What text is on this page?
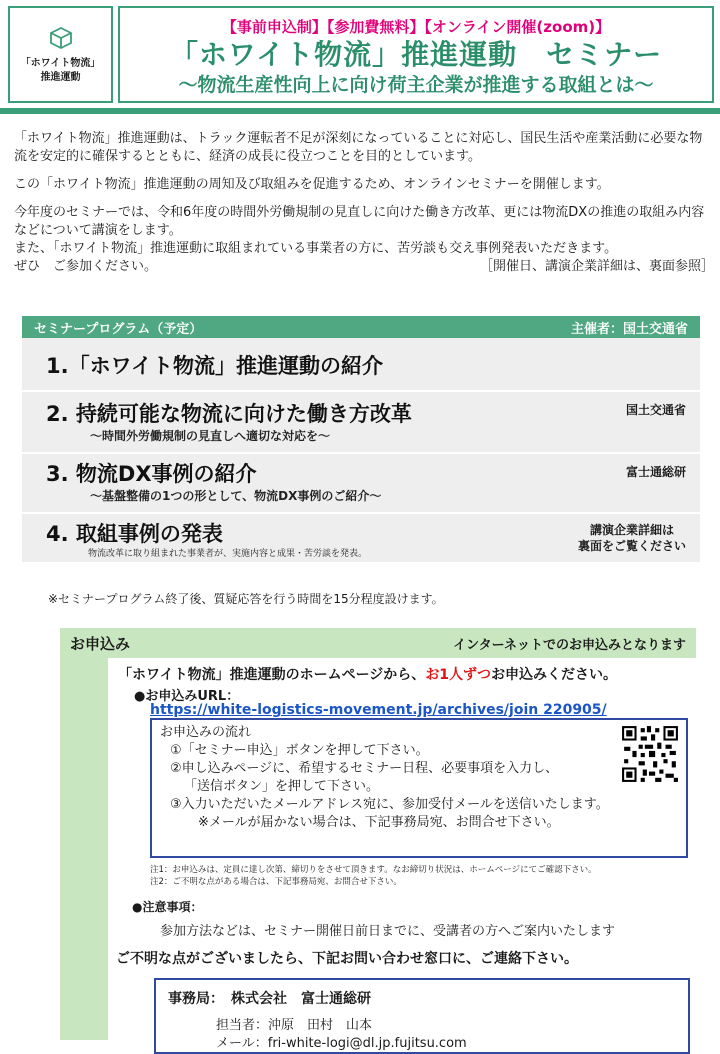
「ホワイト物流」
推進運動
【事前申込制】【参加費無料】【オンライン開催(zoom)】
「ホワイト物流」推進運動　セミナー
～物流生産性向上に向け荷主企業が推進する取組とは～

「ホワイト物流」推進運動は、トラック運転者不足が深刻になっていることに対応し、国民生活や産業活動に必要な物流を安定的に確保するとともに、経済の成長に役立つことを目的としています。

この「ホワイト物流」推進運動の周知及び取組みを促進するため、オンラインセミナーを開催します。

今年度のセミナーでは、令和6年度の時間外労働規制の見直しに向けた働き方改革、更には物流DXの推進の取組み内容などについて講演をします。

また、「ホワイト物流」推進運動に取組まれている事業者の方に、苦労談も交え事例発表いただきます。

ぜひ　ご参加ください。	［開催日、講演企業詳細は、裏面参照］
セミナープログラム（予定）	主催者：国土交通省
1.「ホワイト物流」推進運動の紹介
2. 持続可能な物流に向けた働き方改革
～時間外労働規制の見直しへ適切な対応を～
国土交通省
3. 物流DX事例の紹介
～基盤整備の1つの形として、物流DX事例のご紹介～
富士通総研
4. 取組事例の発表
物流改革に取り組まれた事業者が、実施内容と成果・苦労談を発表。
講演企業詳細は
裏面をご覧ください
※セミナープログラム終了後、質疑応答を行う時間を15分程度設けます。
お申込み	インターネットでのお申込みとなります
「ホワイト物流」推進運動のホームページから、お1人ずつお申込みください。
●お申込みURL：
https://white-logistics-movement.jp/archives/join 220905/
お申込みの流れ
①「セミナー申込」ボタンを押して下さい。
②申し込みページに、希望するセミナー日程、必要事項を入力し、
「送信ボタン」を押して下さい。
③入力いただいたメールアドレス宛に、参加受付メールを送信いたします。
※メールが届かない場合は、下記事務局宛、お問合せ下さい。
注1：お申込みは、定員に達し次第、締切りをさせて頂きます。なお締切り状況は、ホームページにてご確認下さい。
注2：ご不明な点がある場合は、下記事務局宛、お問合せ下さい。
●注意事項：
参加方法などは、セミナー開催日前日までに、受講者の方へご案内いたします
ご不明な点がございましたら、下記お問い合わせ窓口に、ご連絡下さい。
事務局：　株式会社　富士通総研
担当者：沖原　田村　山本
メール：fri-white-logi@dl.jp.fujitsu.com
